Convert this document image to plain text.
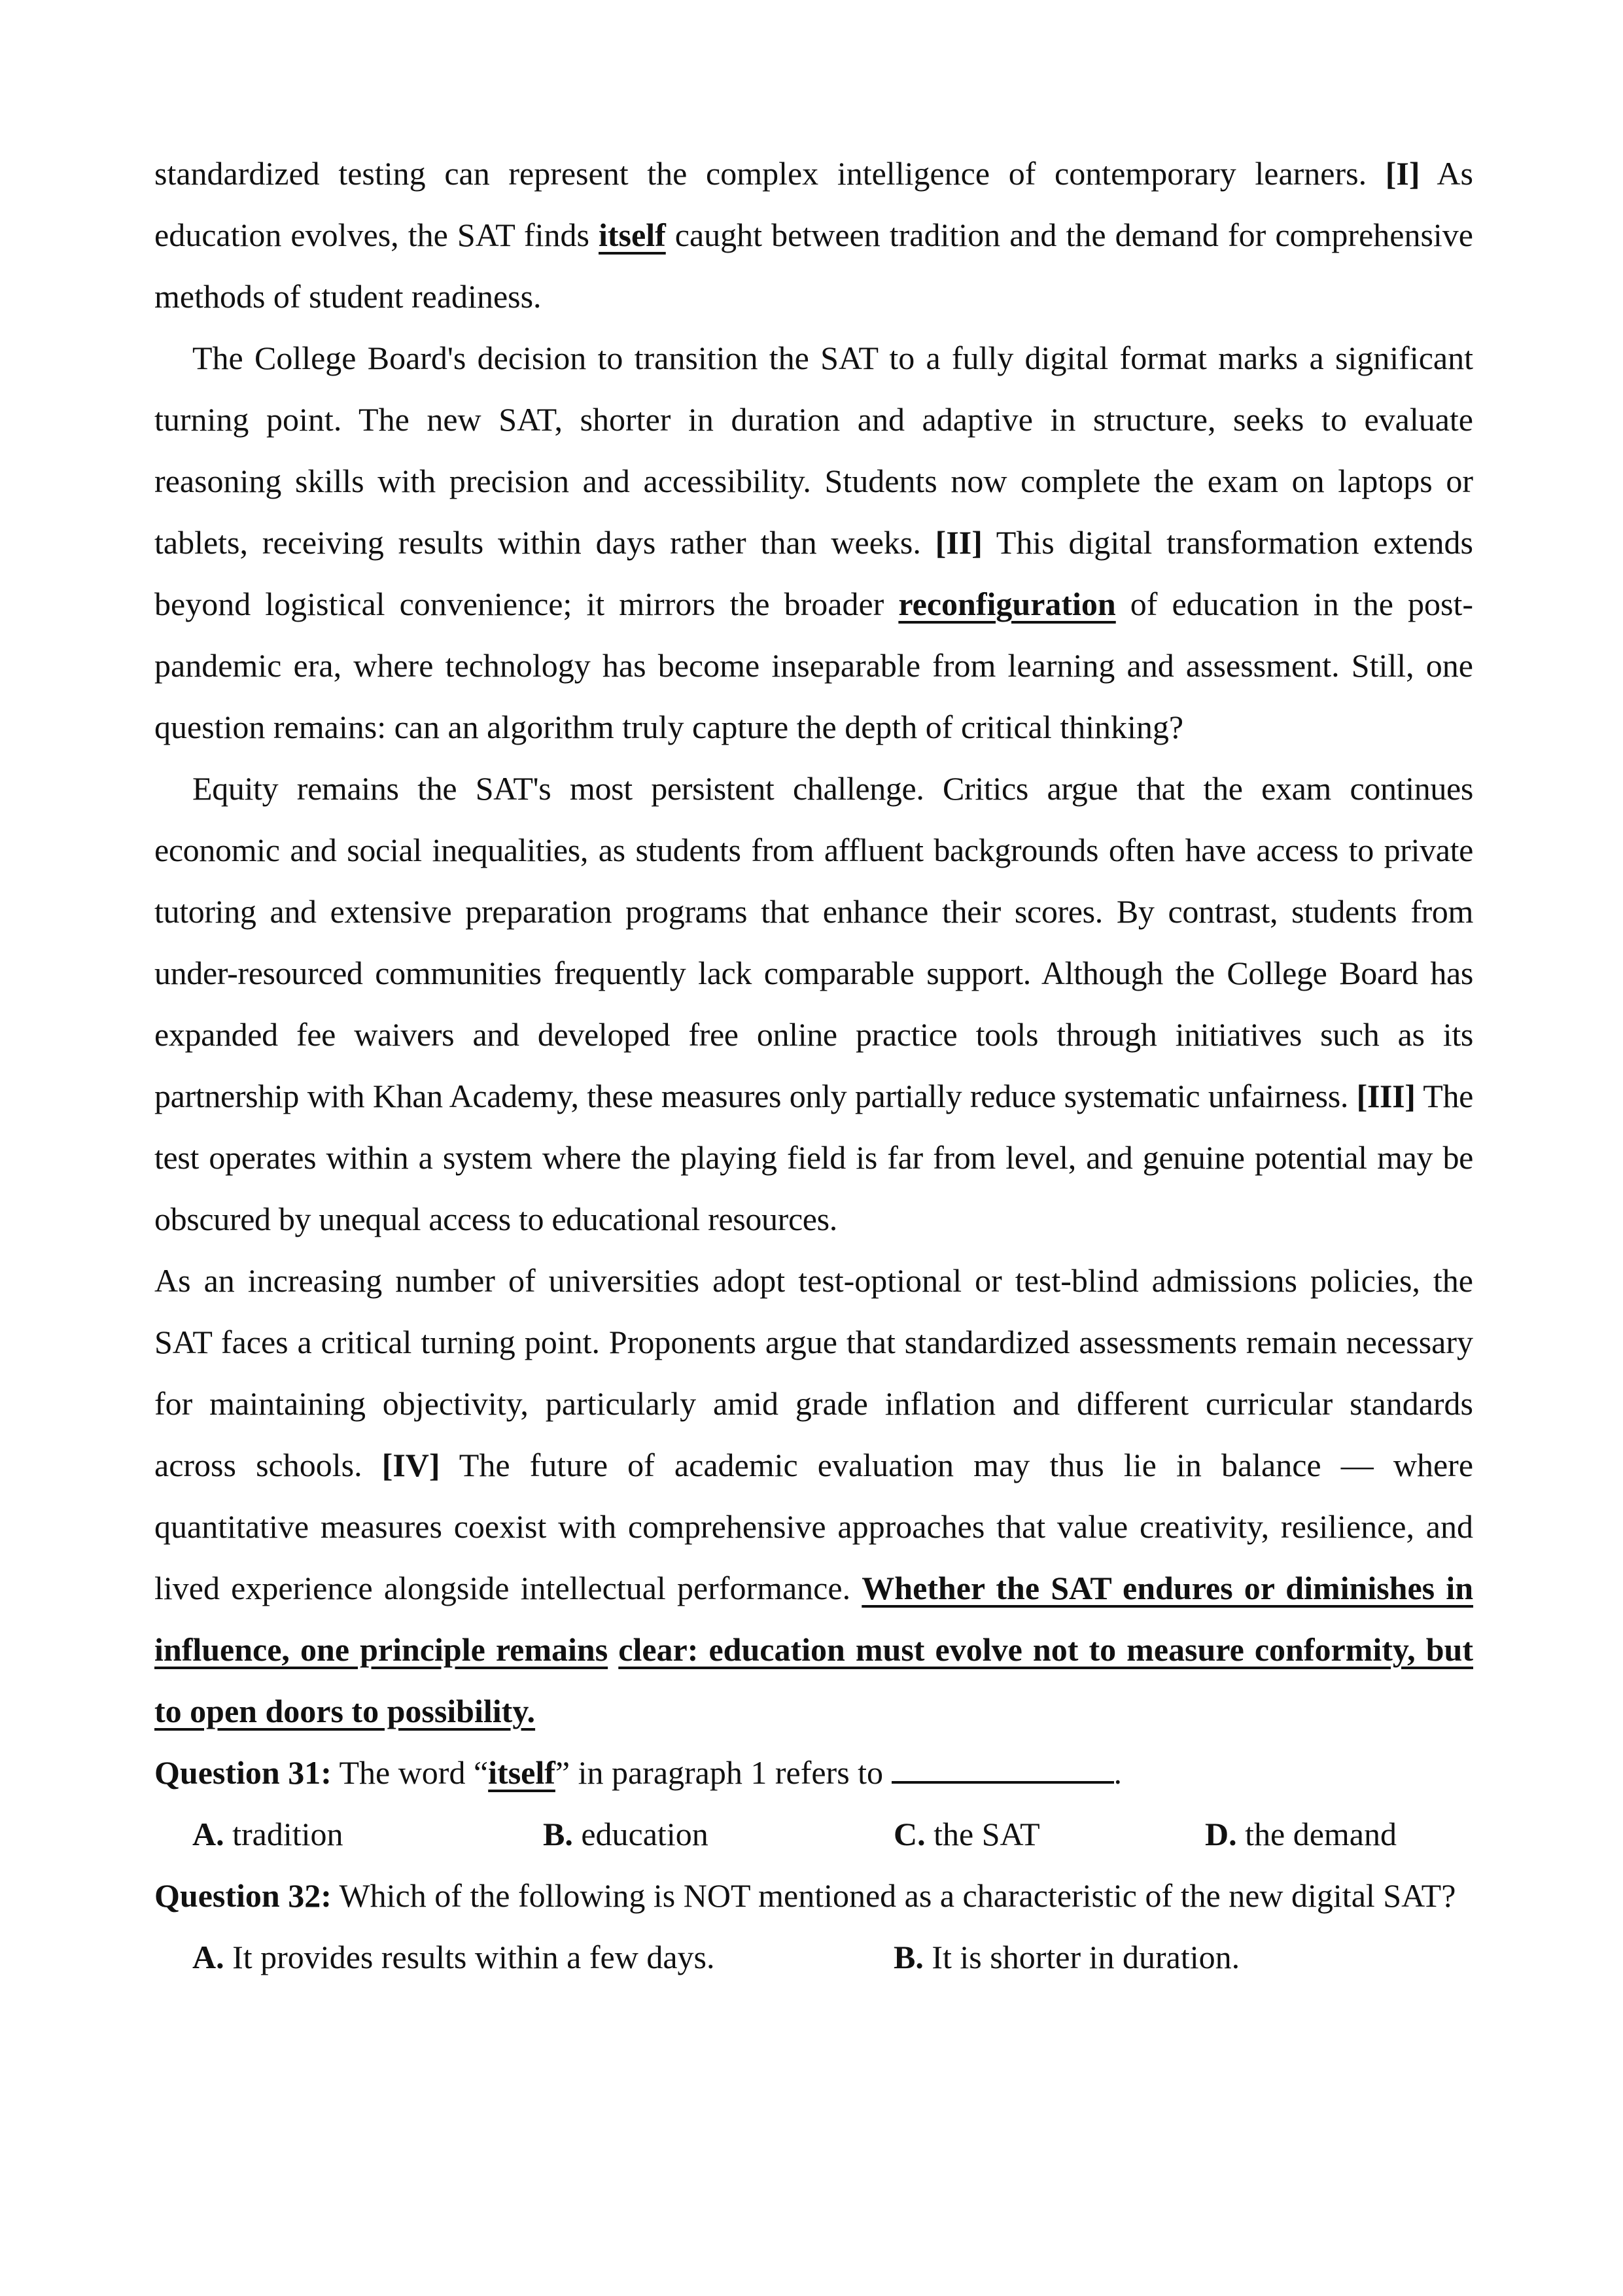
standardized testing can represent the complex intelligence of contemporary learners. [I] As education evolves, the SAT finds itself caught between tradition and the demand for comprehensive methods of student readiness.

The College Board's decision to transition the SAT to a fully digital format marks a significant turning point. The new SAT, shorter in duration and adaptive in structure, seeks to evaluate reasoning skills with precision and accessibility. Students now complete the exam on laptops or tablets, receiving results within days rather than weeks. [II] This digital transformation extends beyond logistical convenience; it mirrors the broader reconfiguration of education in the post-pandemic era, where technology has become inseparable from learning and assessment. Still, one question remains: can an algorithm truly capture the depth of critical thinking?

Equity remains the SAT's most persistent challenge. Critics argue that the exam continues economic and social inequalities, as students from affluent backgrounds often have access to private tutoring and extensive preparation programs that enhance their scores. By contrast, students from under-resourced communities frequently lack comparable support. Although the College Board has expanded fee waivers and developed free online practice tools through initiatives such as its partnership with Khan Academy, these measures only partially reduce systematic unfairness. [III] The test operates within a system where the playing field is far from level, and genuine potential may be obscured by unequal access to educational resources.

As an increasing number of universities adopt test-optional or test-blind admissions policies, the SAT faces a critical turning point. Proponents argue that standardized assessments remain necessary for maintaining objectivity, particularly amid grade inflation and different curricular standards across schools. [IV] The future of academic evaluation may thus lie in balance — where quantitative measures coexist with comprehensive approaches that value creativity, resilience, and lived experience alongside intellectual performance. Whether the SAT endures or diminishes in influence, one principle remains clear: education must evolve not to measure conformity, but to open doors to possibility.

Question 31: The word “itself” in paragraph 1 refers to	.

A. tradition	B. education	C. the SAT	D. the demand

Question 32: Which of the following is NOT mentioned as a characteristic of the new digital SAT?

A. It provides results within a few days.	B. It is shorter in duration.
